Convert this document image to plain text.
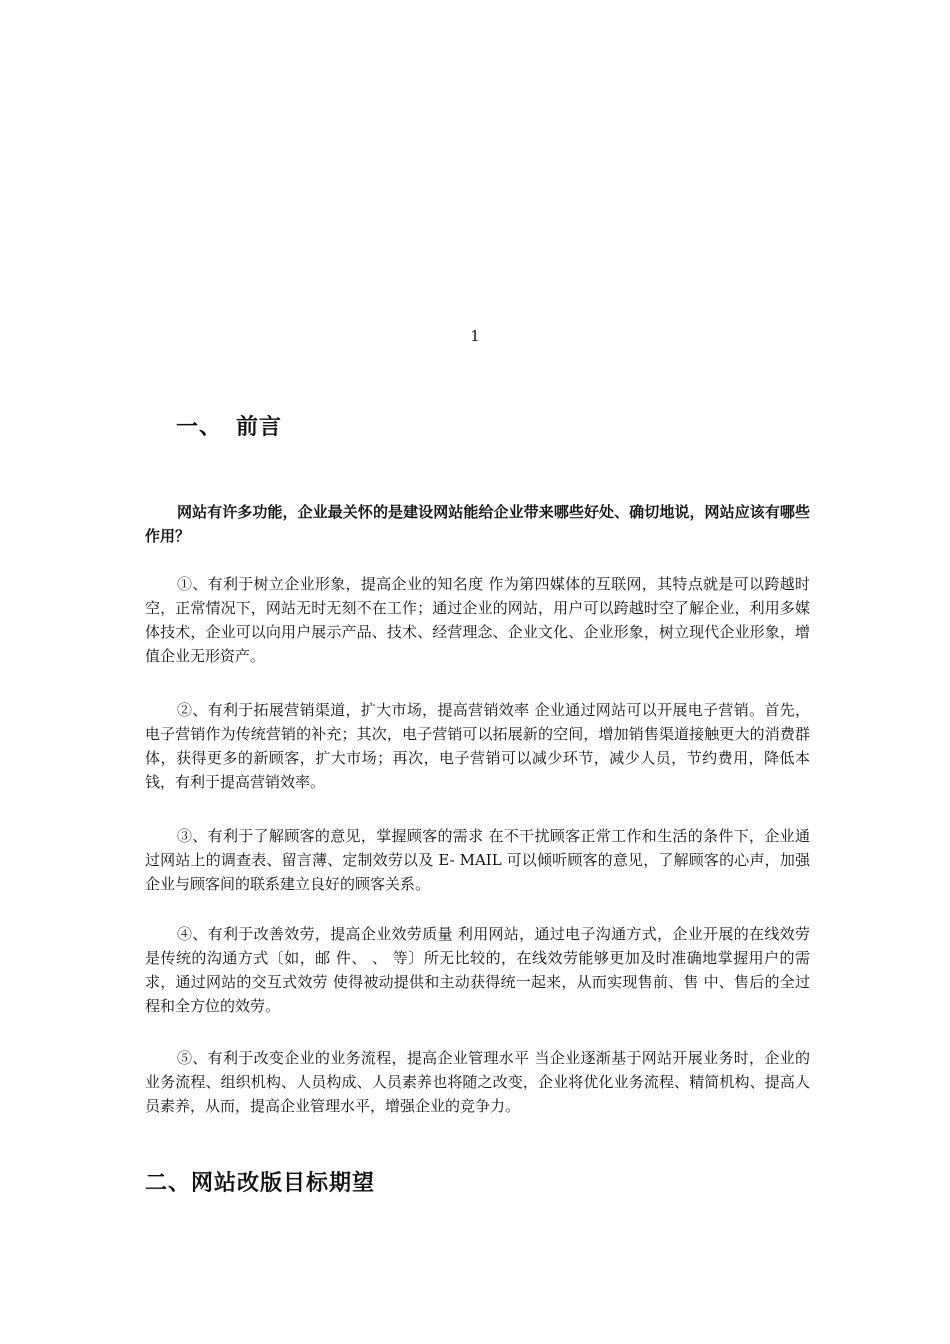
1
一、 前言

网站有许多功能，企业最关怀的是建设网站能给企业带来哪些好处、确切地说，网站应该有哪些作用？

①、有利于树立企业形象，提高企业的知名度 作为第四媒体的互联网，其特点就是可以跨越时空，正常情况下，网站无时无刻不在工作；通过企业的网站，用户可以跨越时空了解企业，利用多媒体技术，企业可以向用户展示产品、技术、经营理念、企业文化、企业形象，树立现代企业形象，增值企业无形资产。

②、有利于拓展营销渠道，扩大市场，提高营销效率 企业通过网站可以开展电子营销。首先，电子营销作为传统营销的补充；其次，电子营销可以拓展新的空间，增加销售渠道接触更大的消费群体，获得更多的新顾客，扩大市场；再次，电子营销可以减少环节，减少人员，节约费用，降低本钱，有利于提高营销效率。

③、有利于了解顾客的意见，掌握顾客的需求 在不干扰顾客正常工作和生活的条件下，企业通过网站上的调查表、留言薄、定制效劳以及 E- MAIL 可以倾听顾客的意见，了解顾客的心声，加强企业与顾客间的联系建立良好的顾客关系。

④、有利于改善效劳，提高企业效劳质量 利用网站，通过电子沟通方式，企业开展的在线效劳是传统的沟通方式〔如，邮 件、 、 等〕所无比较的，在线效劳能够更加及时准确地掌握用户的需求，通过网站的交互式效劳 使得被动提供和主动获得统一起来，从而实现售前、售 中、售后的全过程和全方位的效劳。

⑤、有利于改变企业的业务流程，提高企业管理水平 当企业逐渐基于网站开展业务时，企业的业务流程、组织机构、人员构成、人员素养也将随之改变，企业将优化业务流程、精简机构、提高人员素养，从而，提高企业管理水平，增强企业的竞争力。

二、网站改版目标期望
